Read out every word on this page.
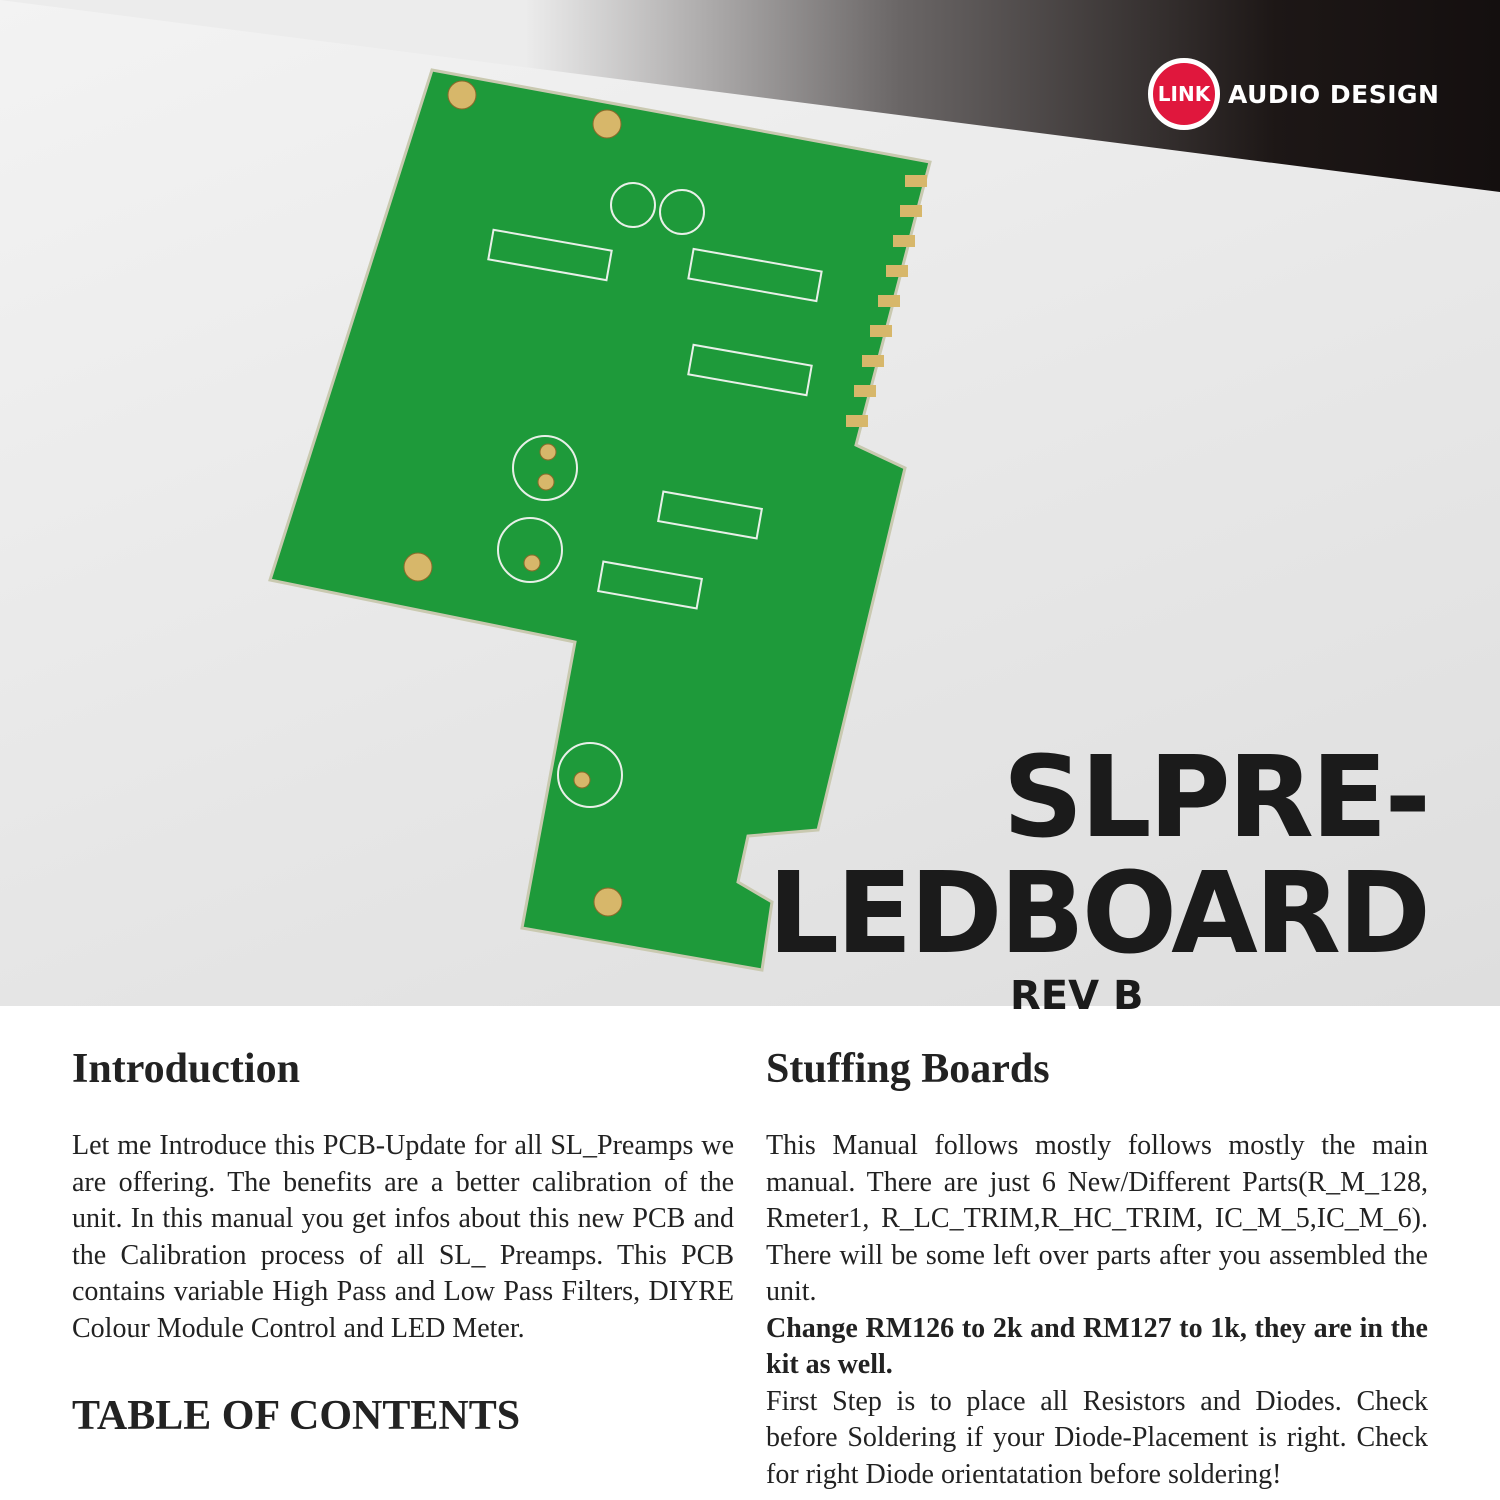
LINK AUDIO DESIGN
SLPRE-
LEDBOARD
REV B
Introduction

Let me Introduce this PCB-Update for all SL_Preamps we are offering. The benefits are a better calibration of the unit. In this manual you get infos about this new PCB and the Calibration process of all SL_ Preamps. This PCB contains variable High Pass and Low Pass Filters, DIYRE Colour Module Control and LED Meter.

TABLE OF CONTENTS
Stuffing Boards

This Manual follows mostly follows mostly the main manual. There are just 6 New/Different Parts(R_M_128, Rmeter1, R_LC_TRIM,R_HC_TRIM, IC_M_5,IC_M_6). There will be some left over parts after you assembled the unit.

Change RM126 to 2k and RM127 to 1k, they are in the kit as well.

First Step is to place all Resistors and Diodes. Check before Soldering if your Diode-Placement is right. Check for right Diode orientatation before soldering!
